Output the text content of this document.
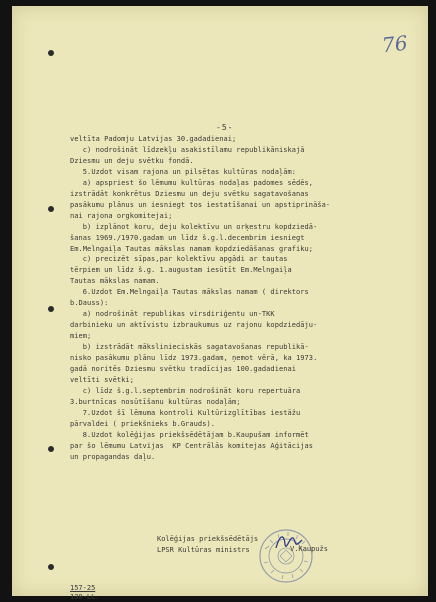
76
-5-
veltīta Padomju Latvijas 30.gadadienai;
c) nodrošināt līdzekļu asakistīlamu republikāniskajā
Dziesmu un deju svētku fondā.
5.Uzdot visam rajona un pilsētas kultūras nodaļām:
a) apspriest šo lēmumu kultūras nodaļas padomes sēdēs,
izstrādāt konkrētus Dziesmu un deju svētku sagatavošanas
pasākumu plānus un iesniegt tos iestatīšanai un apstiprināša-
nai rajona orgkomitejai;
b) izplānot koru, deju kolektīvu un orķestru kopdziedā-
šanas 1969./1970.gadam un līdz š.g.l.decembrim iesniegt
Em.Melngaiļa Tautas mākslas namam kopdziedāšanas grafiku;
c) precizēt sīpas,par kolektīvu apgādi ar tautas
tērpiem un līdz š.g. 1.augustam iesūtīt Em.Melngaiļa
Tautas mākslas namam.
6.Uzdot Em.Melngaiļa Tautas mākslas namam ( direktors
b.Dauss):
a) nodrošināt republikas virsdiriģentu un-TKK
darbinieku un aktīvistu izbraukumus uz rajonu kopdziedāju-
miem;
b) izstrādāt mākslinieciskās sagatavošanas republikā-
nisko pasākumu plānu līdz 1973.gadam, ņemot vērā, ka 1973.
gadā noritēs Dziesmu svētku tradīcijas 100.gadadienai
veltīti svētki;
c) līdz š.g.l.septembrim nodrošināt koru repertuāra
3.burtnīcas nosūtīšanu kultūras nodaļām;
7.Uzdot šī lēmuma kontroli Kultūrizglītības iestāžu
pārvaldei ( priekšnieks b.Grauds).
8.Uzdot kolēģijas priekšsēdētājam b.Kaupušam informēt
par šo lēmumu Latvijas  KP Centrālās komitejas Aģitācijas
un propagandas daļu.
Kolēģijas priekšsēdētājs
LPSR Kultūras ministrs	V.Kaupužs
157-25
130-LL.
